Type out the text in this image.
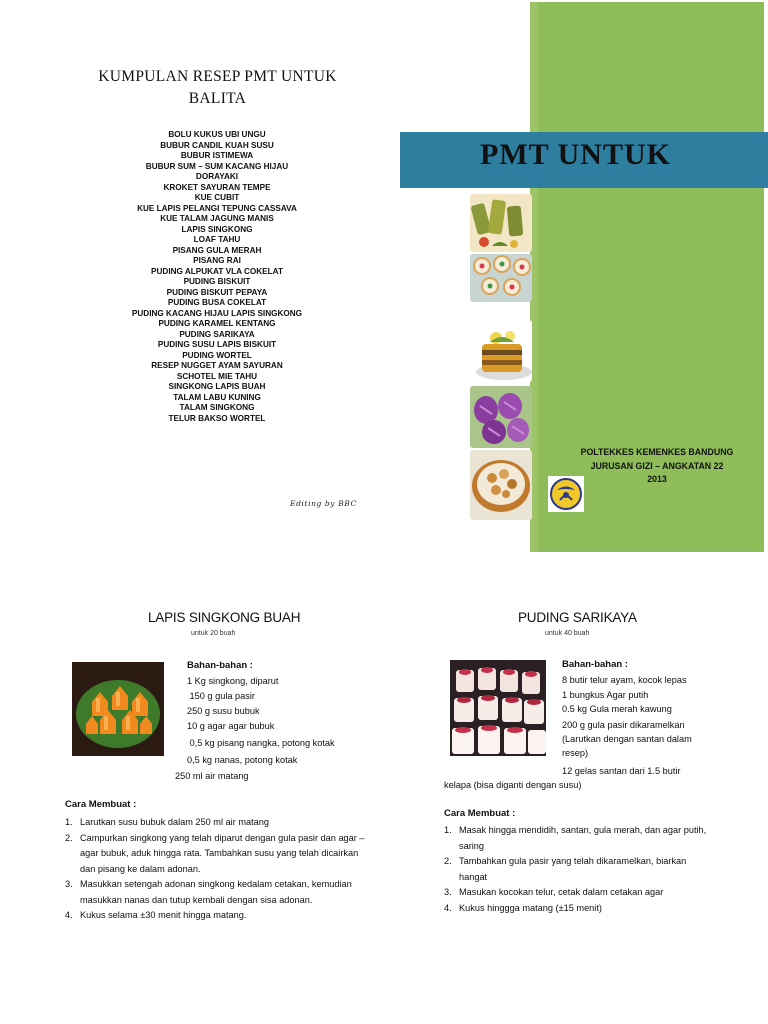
KUMPULAN RESEP PMT UNTUK
BALITA
BOLU KUKUS UBI UNGU
BUBUR CANDIL KUAH SUSU
BUBUR ISTIMEWA
BUBUR SUM – SUM KACANG HIJAU
DORAYAKI
KROKET SAYURAN TEMPE
KUE CUBIT
KUE LAPIS PELANGI TEPUNG CASSAVA
KUE TALAM JAGUNG MANIS
LAPIS SINGKONG
LOAF TAHU
PISANG GULA MERAH
PISANG RAI
PUDING ALPUKAT VLA COKELAT
PUDING BISKUIT
PUDING BISKUIT PEPAYA
PUDING BUSA COKELAT
PUDING KACANG HIJAU LAPIS SINGKONG
PUDING KARAMEL KENTANG
PUDING SARIKAYA
PUDING SUSU LAPIS BISKUIT
PUDING WORTEL
RESEP NUGGET AYAM SAYURAN
SCHOTEL MIE TAHU
SINGKONG LAPIS BUAH
TALAM LABU KUNING
TALAM SINGKONG
TELUR BAKSO WORTEL
Editing by BBC
PMT UNTUK
POLTEKKES KEMENKES BANDUNG
JURUSAN GIZI – ANGKATAN 22
2013
LAPIS SINGKONG BUAH
untuk 20 buah
Bahan-bahan :
1 Kg singkong, diparut
150 g gula pasir
250 g susu bubuk
10 g agar agar bubuk
0,5 kg pisang nangka, potong kotak
0,5 kg nanas, potong kotak
250 ml air matang
Cara Membuat :
1. Larutkan susu bubuk dalam 250 ml air matang
2. Campurkan singkong yang telah diparut dengan gula pasir dan agar –
agar bubuk, aduk hingga rata. Tambahkan susu yang telah dicairkan
dan pisang ke dalam adonan.
3. Masukkan setengah adonan singkong kedalam cetakan, kemudian
masukkan nanas dan tutup kembali dengan sisa adonan.
4. Kukus selama ±30 menit hingga matang.
PUDING SARIKAYA
untuk 40 buah
Bahan-bahan :
8 butir telur ayam, kocok lepas
1 bungkus Agar putih
0.5 kg Gula merah kawung
200 g gula pasir dikaramelkan
(Larutkan dengan santan dalam
resep)
12 gelas santan dari 1.5 butir
kelapa (bisa diganti dengan susu)
Cara Membuat :
1. Masak hingga mendidih, santan, gula merah, dan agar putih,
saring
2. Tambahkan gula pasir yang telah dikaramelkan, biarkan
hangat
3. Masukan kocokan telur, cetak dalam cetakan agar
4. Kukus hinggga matang (±15 menit)
